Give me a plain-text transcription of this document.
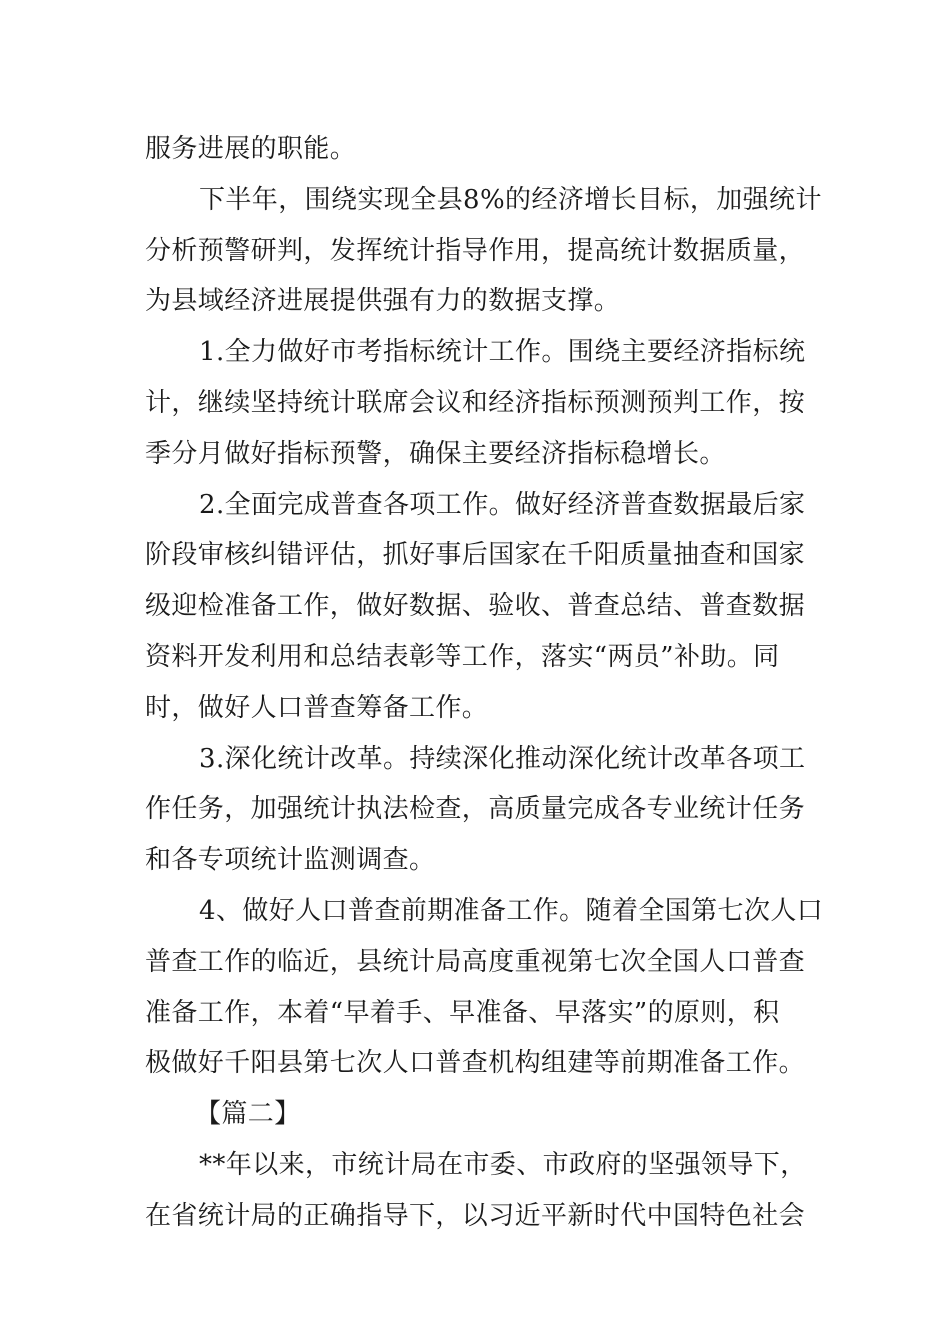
服务进展的职能。
下半年，围绕实现全县8%的经济增长目标，加强统计
分析预警研判，发挥统计指导作用，提高统计数据质量，
为县域经济进展提供强有力的数据支撑。
1.全力做好市考指标统计工作。围绕主要经济指标统
计，继续坚持统计联席会议和经济指标预测预判工作，按
季分月做好指标预警，确保主要经济指标稳增长。
2.全面完成普查各项工作。做好经济普查数据最后家
阶段审核纠错评估，抓好事后国家在千阳质量抽查和国家
级迎检准备工作，做好数据、验收、普查总结、普查数据
资料开发利用和总结表彰等工作，落实“两员”补助。同
时，做好人口普查筹备工作。
3.深化统计改革。持续深化推动深化统计改革各项工
作任务，加强统计执法检查，高质量完成各专业统计任务
和各专项统计监测调查。
4、做好人口普查前期准备工作。随着全国第七次人口
普查工作的临近，县统计局高度重视第七次全国人口普查
准备工作，本着“早着手、早准备、早落实”的原则，积
极做好千阳县第七次人口普查机构组建等前期准备工作。
【篇二】
**年以来，市统计局在市委、市政府的坚强领导下，
在省统计局的正确指导下，以习近平新时代中国特色社会
